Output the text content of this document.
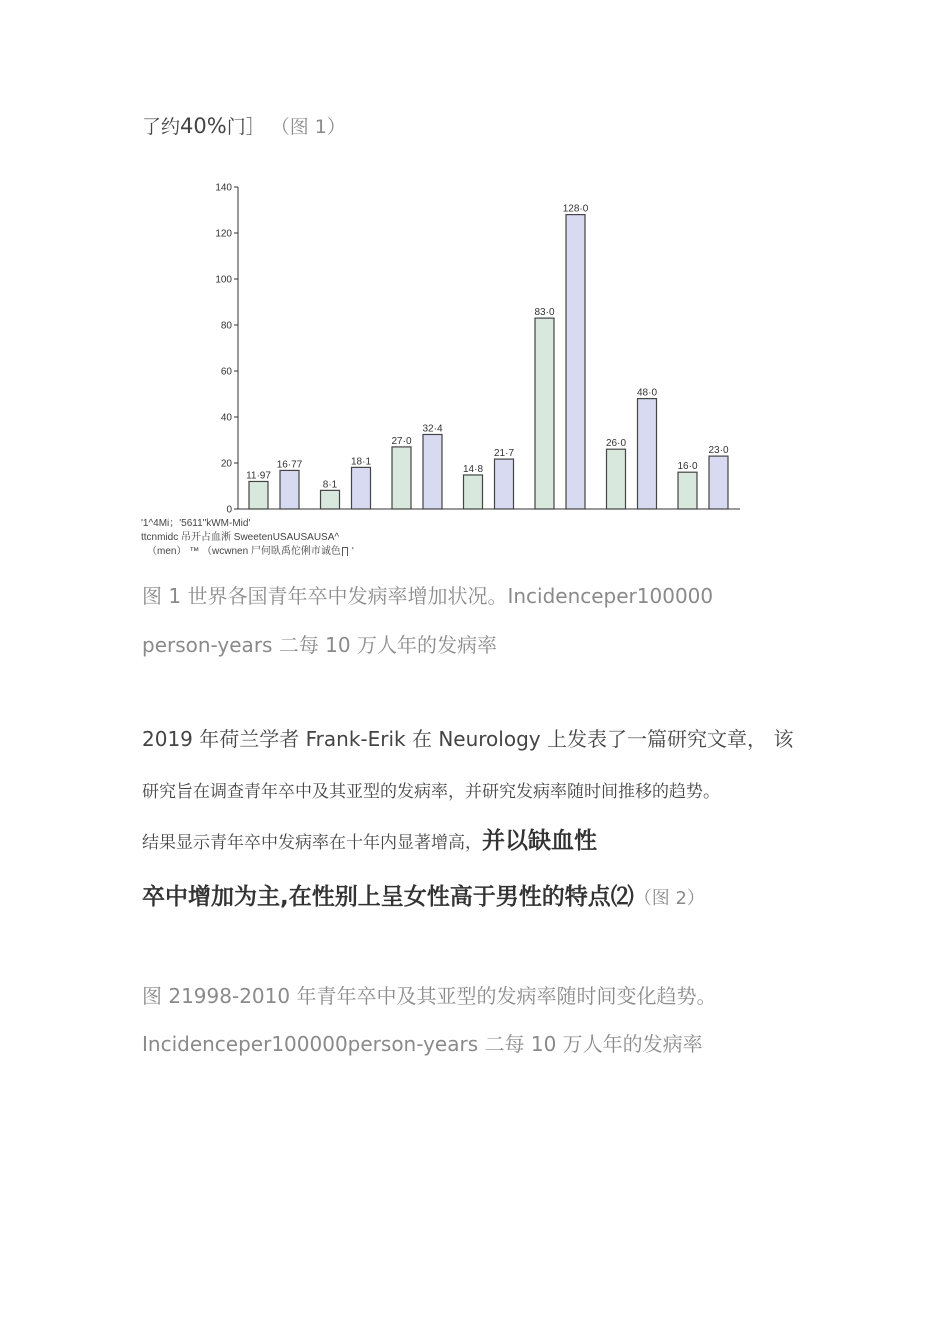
了约40%门］ （图 1）
0
20
40
60
80
100
120
140
11·97
16·77
8·1
18·1
27·0
32·4
14·8
21·7
83·0
128·0
26·0
48·0
16·0
23·0
'1^4Mi；'5611"kWM-Mid'
ttcnmidc 吊开占血淅 SweetenUSAUSAUSA^
（men） ™ （wcwnen 尸何臥禹佗俐市诚色∏ '
图 1 世界各国青年卒中发病率增加状况。Incidenceper100000
person-years 二每 10 万人年的发病率
2019 年荷兰学者 Frank-Erik 在 Neurology 上发表了一篇研究文章， 该
研究旨在调查青年卒中及其亚型的发病率，并研究发病率随时间推移的趋势。
结果显示青年卒中发病率在十年内显著增高，并以缺血性
卒中增加为主,在性别上呈女性高于男性的特点⑵（图 2）
图 21998-2010 年青年卒中及其亚型的发病率随时间变化趋势。
Incidenceper100000person-years 二每 10 万人年的发病率
